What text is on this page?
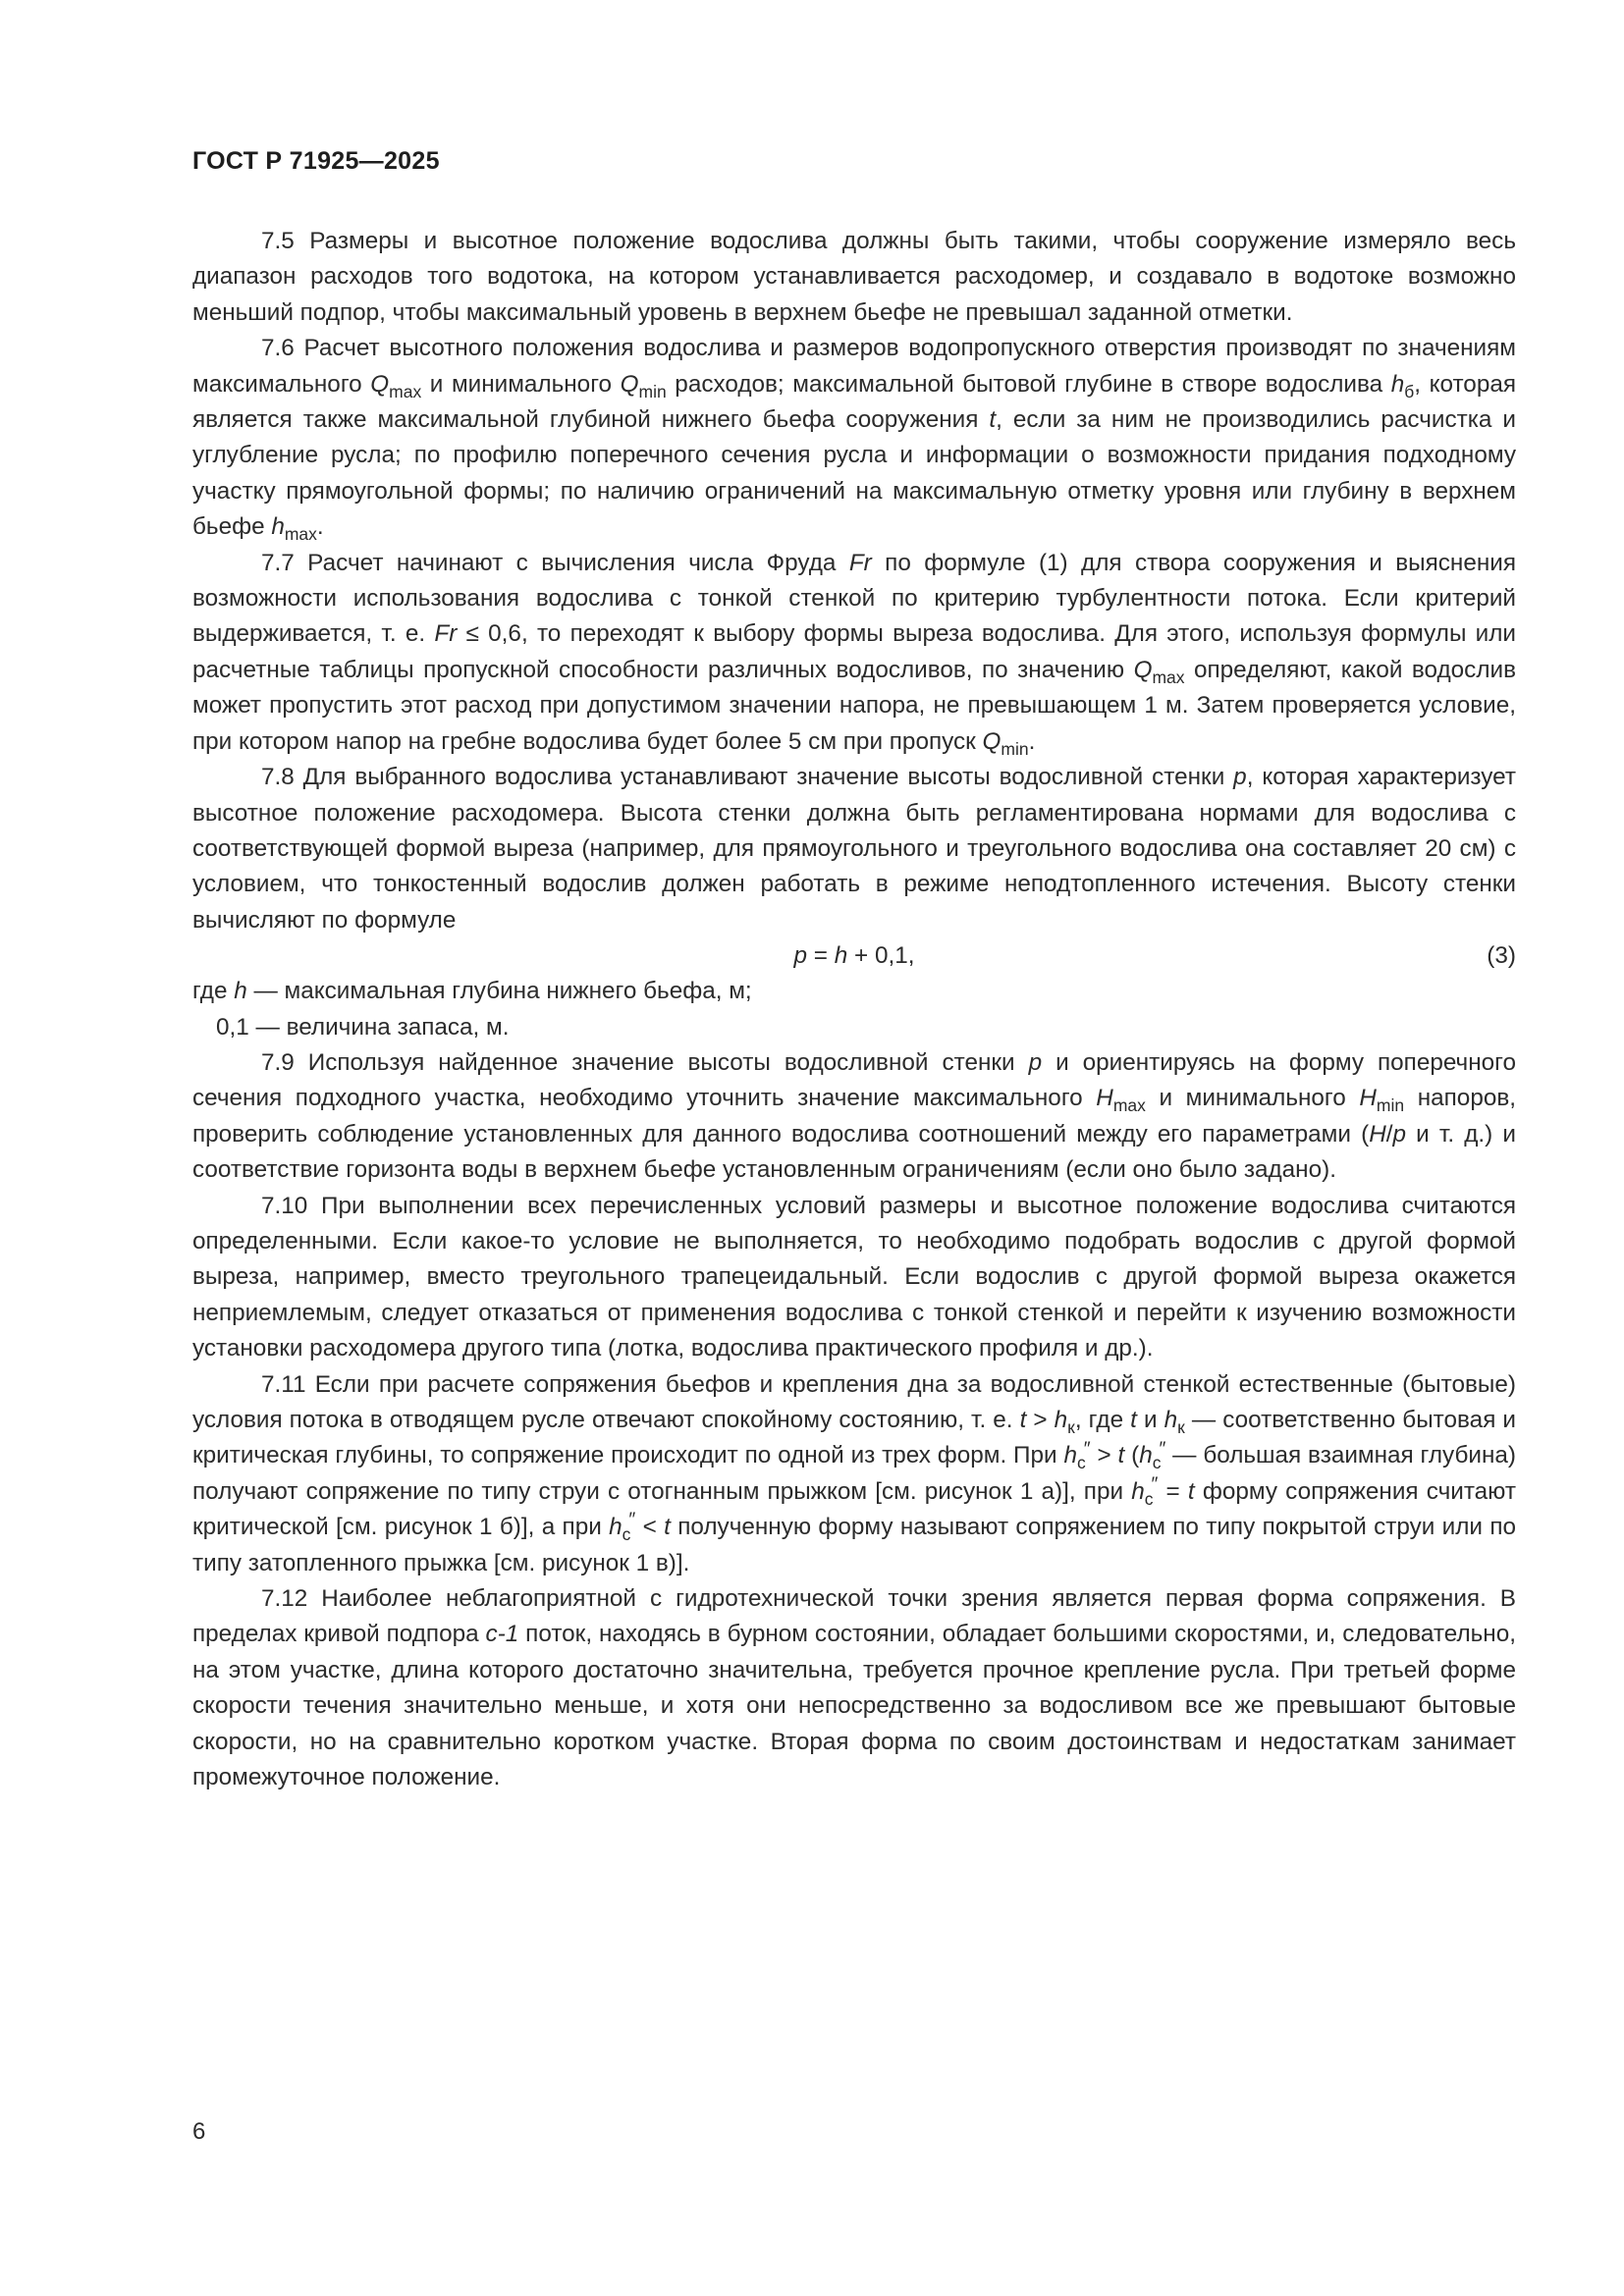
ГОСТ Р 71925—2025

7.5 Размеры и высотное положение водослива должны быть такими, чтобы сооружение измеряло весь диапазон расходов того водотока, на котором устанавливается расходомер, и создавало в водотоке возможно меньший подпор, чтобы максимальный уровень в верхнем бьефе не превышал заданной отметки.

7.6 Расчет высотного положения водослива и размеров водопропускного отверстия производят по значениям максимального $Q_{max}$ и минимального $Q_{min}$ расходов; максимальной бытовой глубине в створе водослива $h_б$, которая является также максимальной глубиной нижнего бьефа сооружения t, если за ним не производились расчистка и углубление русла; по профилю поперечного сечения русла и информации о возможности придания подходному участку прямоугольной формы; по наличию ограничений на максимальную отметку уровня или глубину в верхнем бьефе $h_{max}$.

7.7 Расчет начинают с вычисления числа Фруда Fr по формуле (1) для створа сооружения и выяснения возможности использования водослива с тонкой стенкой по критерию турбулентности потока. Если критерий выдерживается, т. е. Fr ≤ 0,6, то переходят к выбору формы выреза водослива. Для этого, используя формулы или расчетные таблицы пропускной способности различных водосливов, по значению $Q_{max}$ определяют, какой водослив может пропустить этот расход при допустимом значении напора, не превышающем 1 м. Затем проверяется условие, при котором напор на гребне водослива будет более 5 см при пропуск $Q_{min}$.

7.8 Для выбранного водослива устанавливают значение высоты водосливной стенки p, которая характеризует высотное положение расходомера. Высота стенки должна быть регламентирована нормами для водослива с соответствующей формой выреза (например, для прямоугольного и треугольного водослива она составляет 20 см) с условием, что тонкостенный водослив должен работать в режиме неподтопленного истечения. Высоту стенки вычисляют по формуле

p = h + 0,1,	(3)

где h — максимальная глубина нижнего бьефа, м;

0,1 — величина запаса, м.

7.9 Используя найденное значение высоты водосливной стенки p и ориентируясь на форму поперечного сечения подходного участка, необходимо уточнить значение максимального $H_{max}$ и минимального $H_{min}$ напоров, проверить соблюдение установленных для данного водослива соотношений между его параметрами (H/p и т. д.) и соответствие горизонта воды в верхнем бьефе установленным ограничениям (если оно было задано).

7.10 При выполнении всех перечисленных условий размеры и высотное положение водослива считаются определенными. Если какое-то условие не выполняется, то необходимо подобрать водослив с другой формой выреза, например, вместо треугольного трапецеидальный. Если водослив с другой формой выреза окажется неприемлемым, следует отказаться от применения водослива с тонкой стенкой и перейти к изучению возможности установки расходомера другого типа (лотка, водослива практического профиля и др.).

7.11 Если при расчете сопряжения бьефов и крепления дна за водосливной стенкой естественные (бытовые) условия потока в отводящем русле отвечают спокойному состоянию, т. е. $t > h_к$, где t и $h_к$ — соответственно бытовая и критическая глубины, то сопряжение происходит по одной из трех форм. При $h_с'' > t$ ($h_с''$ — большая взаимная глубина) получают сопряжение по типу струи с отогнанным прыжком [см. рисунок 1 а)], при $h_с'' = t$ форму сопряжения считают критической [см. рисунок 1 б)], а при $h_с'' < t$ полученную форму называют сопряжением по типу покрытой струи или по типу затопленного прыжка [см. рисунок 1 в)].

7.12 Наиболее неблагоприятной с гидротехнической точки зрения является первая форма сопряжения. В пределах кривой подпора с-1 поток, находясь в бурном состоянии, обладает большими скоростями, и, следовательно, на этом участке, длина которого достаточно значительна, требуется прочное крепление русла. При третьей форме скорости течения значительно меньше, и хотя они непосредственно за водосливом все же превышают бытовые скорости, но на сравнительно коротком участке. Вторая форма по своим достоинствам и недостаткам занимает промежуточное положение.

6
